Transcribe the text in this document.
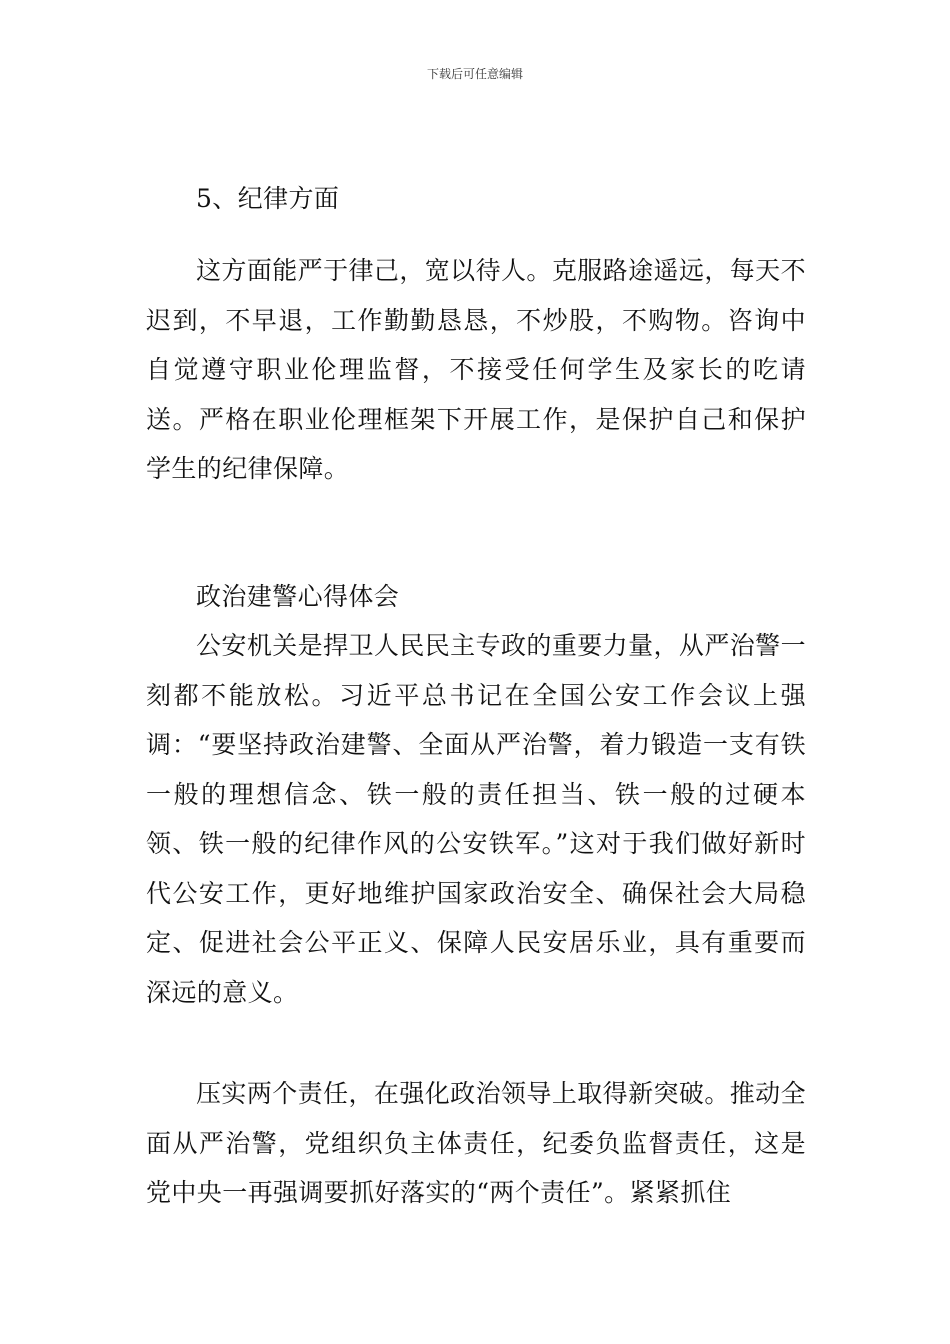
下载后可任意编辑

5、纪律方面

这方面能严于律己，宽以待人。克服路途遥远，每天不迟到，不早退，工作勤勤恳恳，不炒股，不购物。咨询中自觉遵守职业伦理监督，不接受任何学生及家长的吃请送。严格在职业伦理框架下开展工作，是保护自己和保护学生的纪律保障。

政治建警心得体会

公安机关是捍卫人民民主专政的重要力量，从严治警一刻都不能放松。习近平总书记在全国公安工作会议上强调：“要坚持政治建警、全面从严治警，着力锻造一支有铁一般的理想信念、铁一般的责任担当、铁一般的过硬本领、铁一般的纪律作风的公安铁军。”这对于我们做好新时代公安工作，更好地维护国家政治安全、确保社会大局稳定、促进社会公平正义、保障人民安居乐业，具有重要而深远的意义。

压实两个责任，在强化政治领导上取得新突破。推动全面从严治警，党组织负主体责任，纪委负监督责任，这是党中央一再强调要抓好落实的“两个责任”。紧紧抓住
